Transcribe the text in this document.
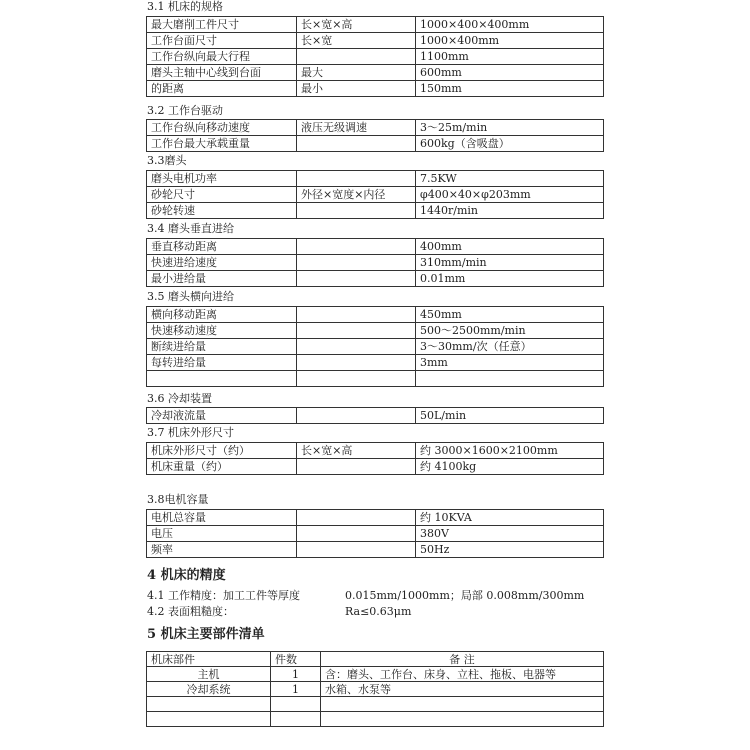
3.1 机床的规格
最大磨削工件尺寸	长×宽×高	1000×400×400mm
工作台面尺寸	长×宽	1000×400mm
工作台纵向最大行程		1100mm
磨头主轴中心线到台面	最大	600mm
的距离	最小	150mm
3.2 工作台驱动
工作台纵向移动速度	液压无级调速	3～25m/min
工作台最大承载重量		600kg（含吸盘）
3.3磨头
磨头电机功率		7.5KW
砂轮尺寸	外径×宽度×内径	φ400×40×φ203mm
砂轮转速		1440r/min
3.4 磨头垂直进给
垂直移动距离		400mm
快速进给速度		310mm/min
最小进给量		0.01mm
3.5 磨头横向进给
横向移动距离		450mm
快速移动速度		500～2500mm/min
断续进给量		3～30mm/次（任意）
每转进给量		3mm

3.6 冷却装置
冷却液流量		50L/min
3.7 机床外形尺寸
机床外形尺寸（约）	长×宽×高	约 3000×1600×2100mm
机床重量（约）		约 4100kg
3.8电机容量
电机总容量		约 10KVA
电压		380V
频率		50Hz
4 机床的精度
4.1 工作精度：加工工件等厚度	0.015mm/1000mm；局部 0.008mm/300mm
4.2 表面粗糙度：	Ra≤0.63μm
5 机床主要部件清单
机床部件	件数	备 注
主机	1	含：磨头、工作台、床身、立柱、拖板、电器等
冷却系统	1	水箱、水泵等
